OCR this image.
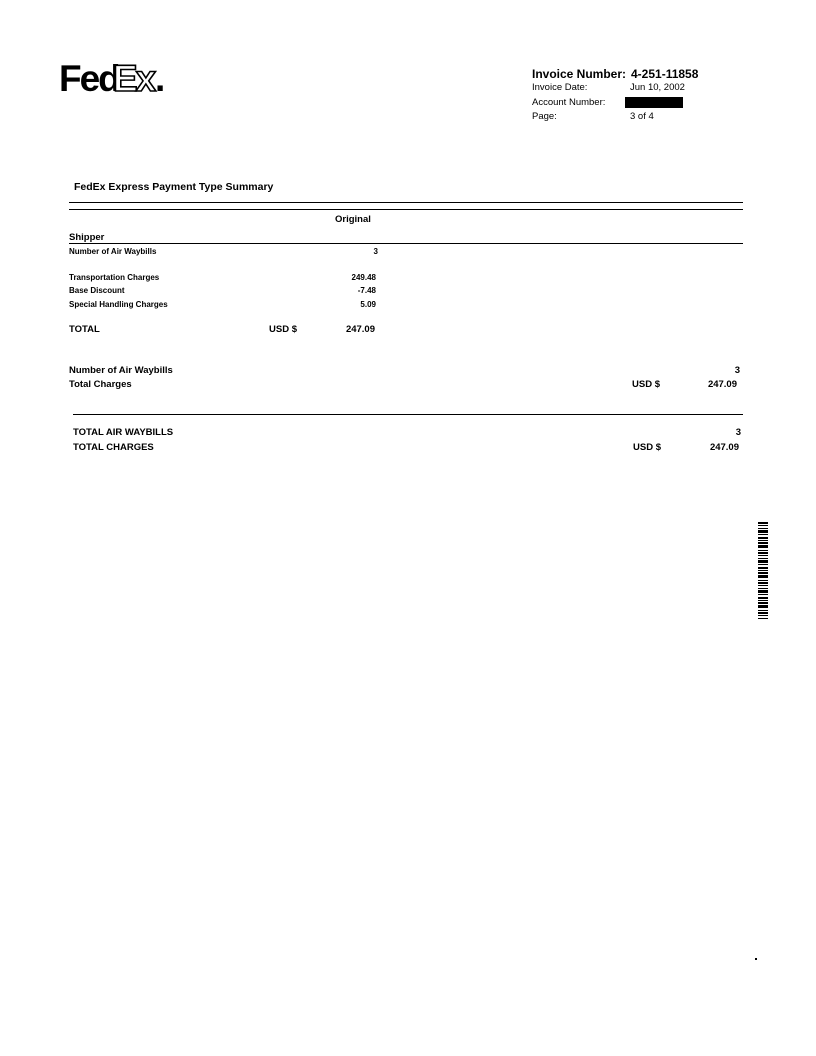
Fed
Ex .	Invoice Number: 4-251-11858
Invoice Date:	Jun 10, 2002
Account Number:
Page:	3 of 4
FedEx Express Payment Type Summary
Original
Shipper
Number of Air Waybills	3
Transportation Charges	249.48
Base Discount	-7.48
Special Handling Charges	5.09
TOTAL	USD $	247.09
Number of Air Waybills	3
Total Charges	USD $	247.09
TOTAL AIR WAYBILLS	3
TOTAL CHARGES	USD $	247.09
